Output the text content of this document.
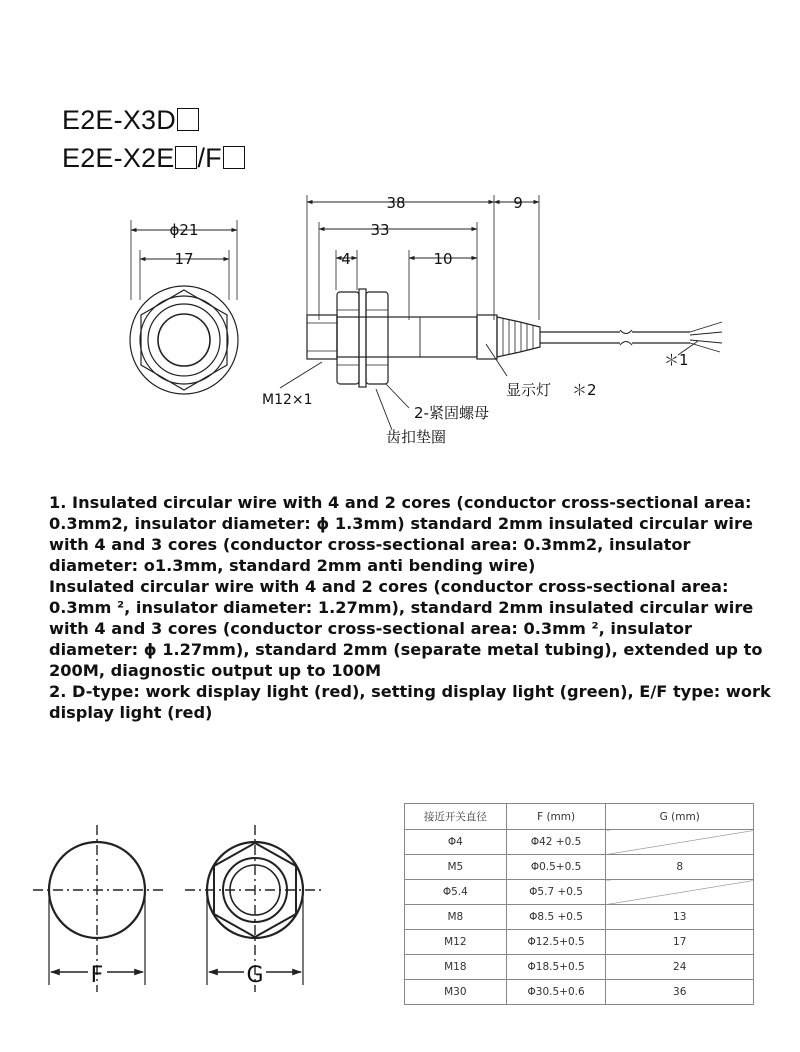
E2E-X3D
E2E-X2E /F
ϕ21
17
38	9
33
4	10
M12×1
显示灯 ＊2
＊1
2-紧固螺母
齿扣垫圈

1. Insulated circular wire with 4 and 2 cores (conductor cross-sectional area: 0.3mm2, insulator diameter: ϕ 1.3mm) standard 2mm insulated circular wire with 4 and 3 cores (conductor cross-sectional area: 0.3mm2, insulator diameter: o1.3mm, standard 2mm anti bending wire)

Insulated circular wire with 4 and 2 cores (conductor cross-sectional area: 0.3mm ², insulator diameter: 1.27mm), standard 2mm insulated circular wire with 4 and 3 cores (conductor cross-sectional area: 0.3mm ², insulator diameter: ϕ 1.27mm), standard 2mm (separate metal tubing), extended up to 200M, diagnostic output up to 100M

2. D-type: work display light (red), setting display light (green), E/F type: work display light (red)

F	G
接近开关直径	F (mm)	G (mm)
Φ4	Φ42 +0.5	
M5	Φ0.5+0.5	8
Φ5.4	Φ5.7 +0.5	
M8	Φ8.5 +0.5	13
M12	Φ12.5+0.5	17
M18	Φ18.5+0.5	24
M30	Φ30.5+0.6	36
